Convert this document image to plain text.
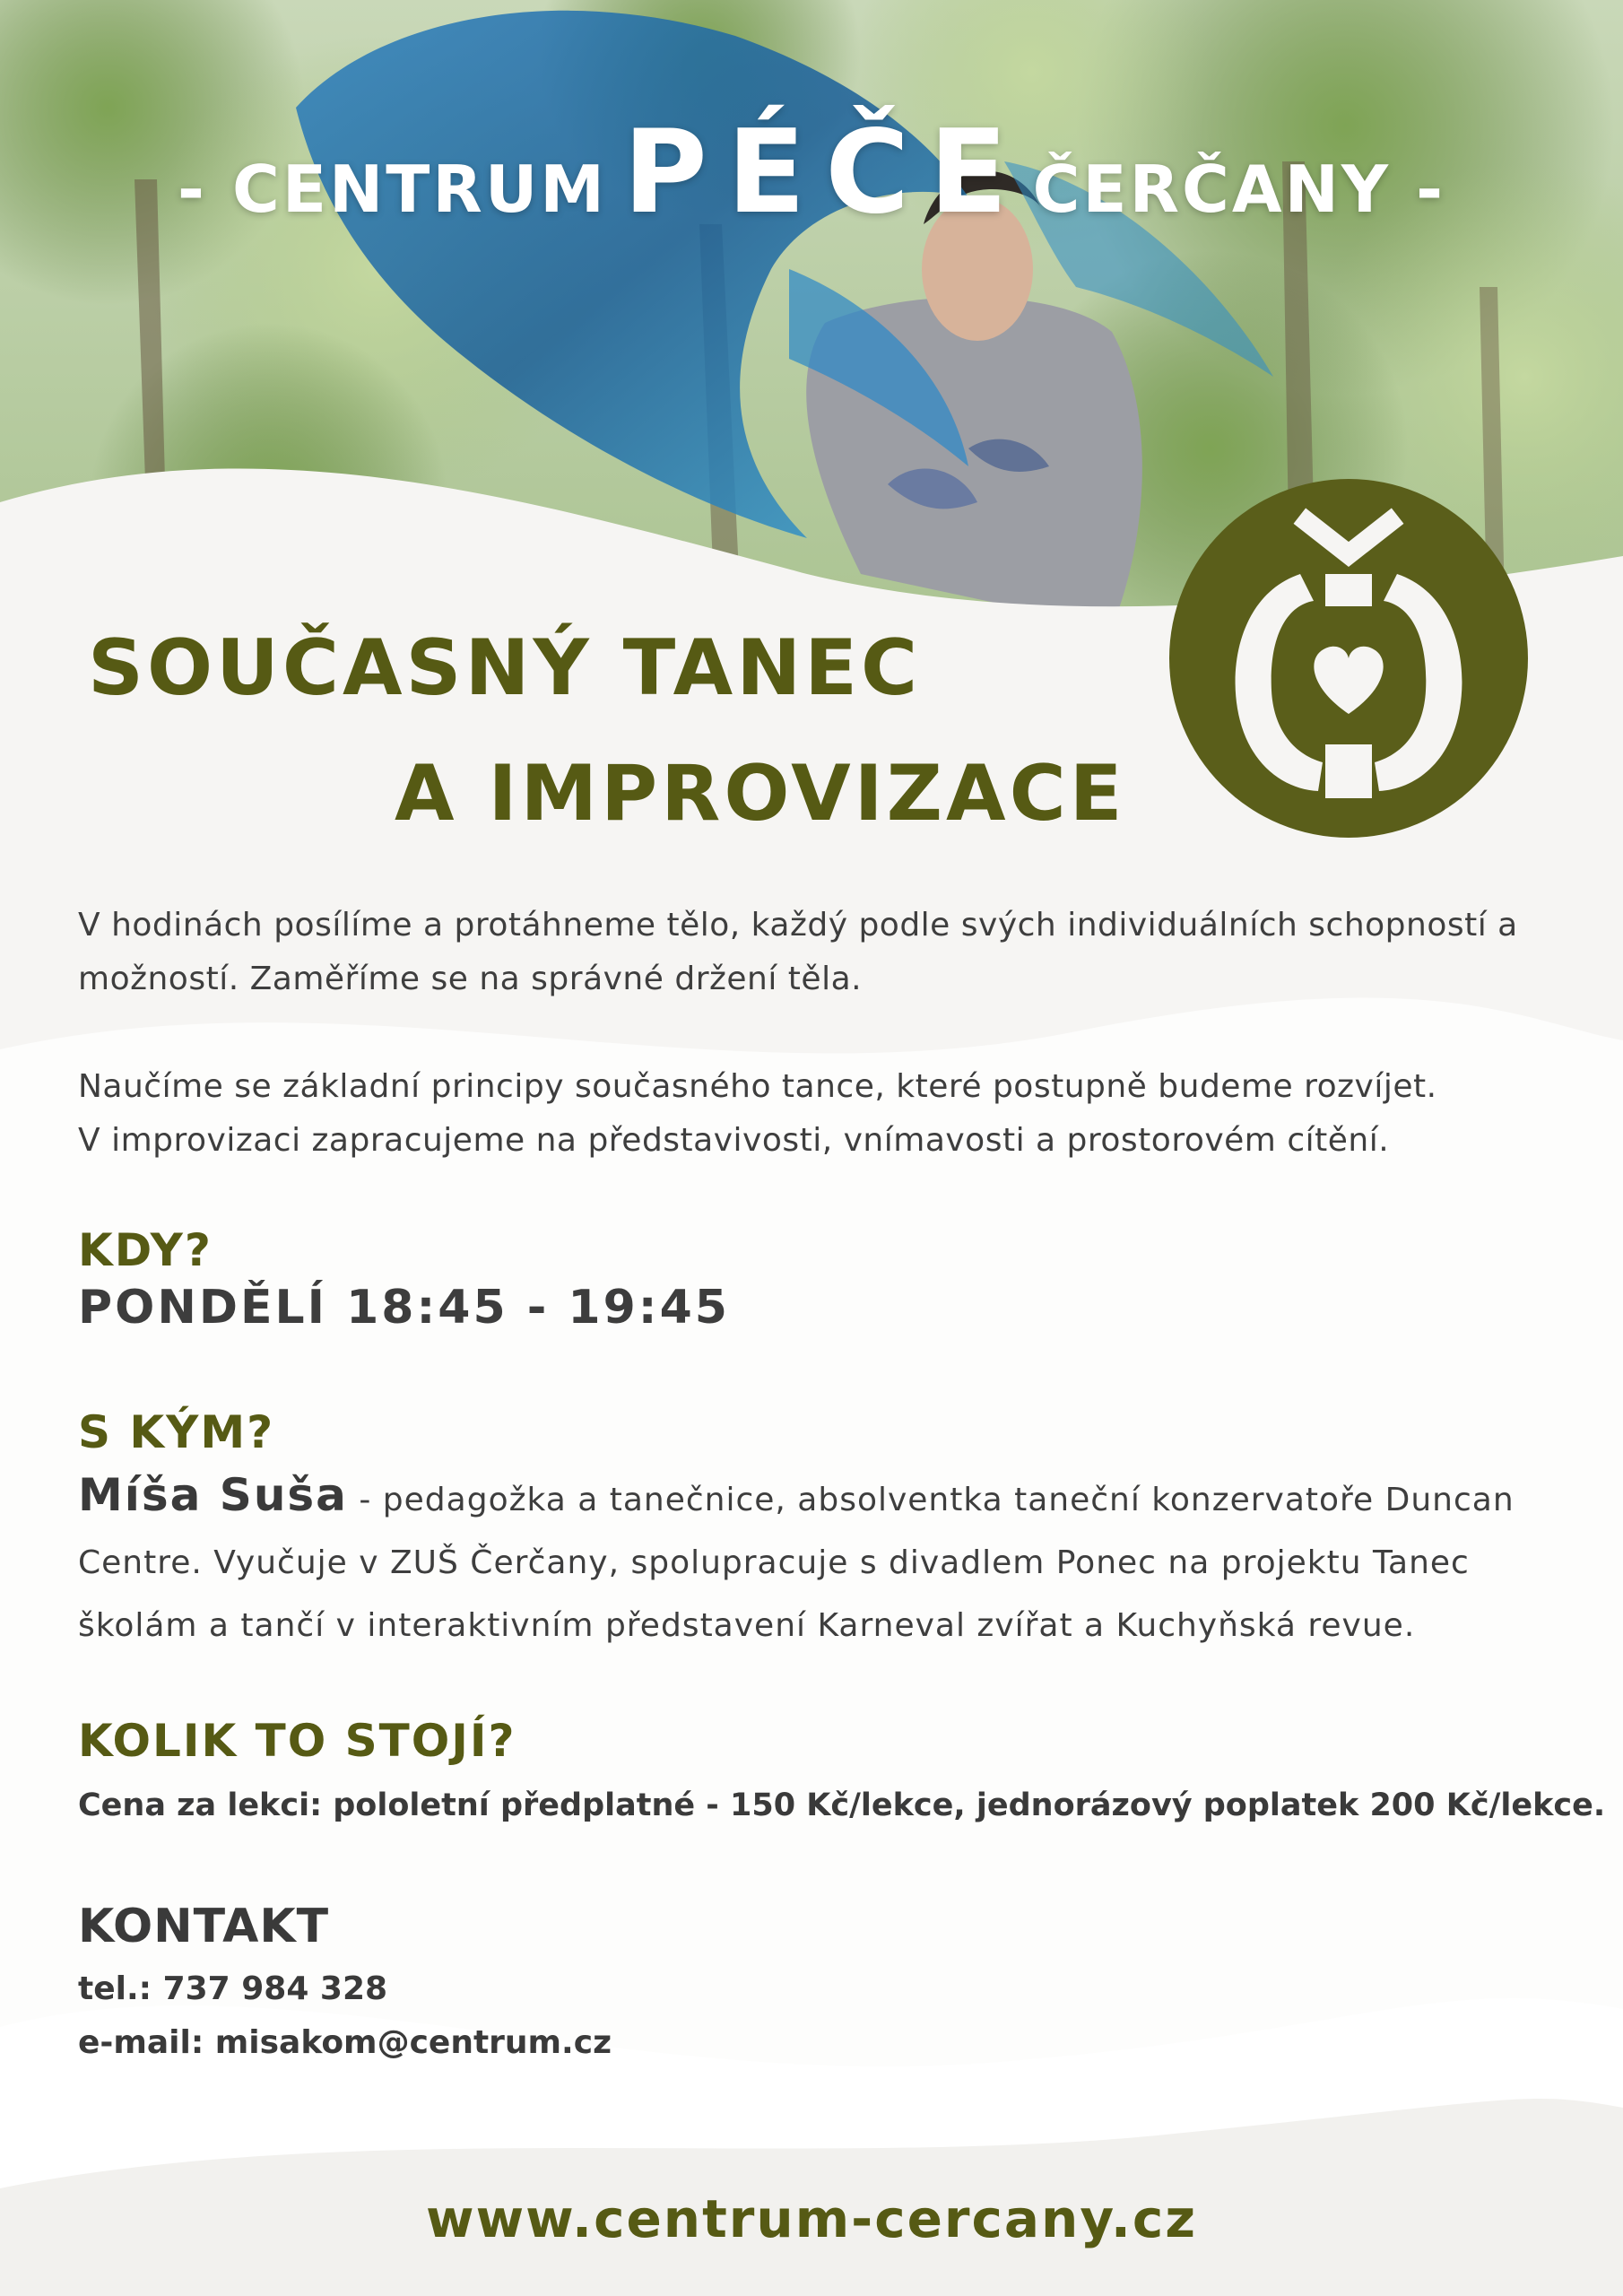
- CENTRUM PÉČEČERČANY -
SOUČASNÝ TANEC
A IMPROVIZACE
V hodinách posílíme a protáhneme tělo, každý podle svých individuálních schopností a možností. Zaměříme se na správné držení těla.
Naučíme se základní principy současného tance, které postupně budeme rozvíjet.
V improvizaci zapracujeme na představivosti, vnímavosti a prostorovém cítění.
KDY?
PONDĚLÍ 18:45 - 19:45
S KÝM?
Míša Suša - pedagožka a tanečnice, absolventka taneční konzervatoře Duncan Centre. Vyučuje v ZUŠ Čerčany, spolupracuje s divadlem Ponec na projektu Tanec školám a tančí v interaktivním představení Karneval zvířat a Kuchyňská revue.
KOLIK TO STOJÍ?
Cena za lekci: pololetní předplatné - 150 Kč/lekce, jednorázový poplatek 200 Kč/lekce.
KONTAKT
tel.: 737 984 328
e-mail: misakom@centrum.cz
www.centrum-cercany.cz
